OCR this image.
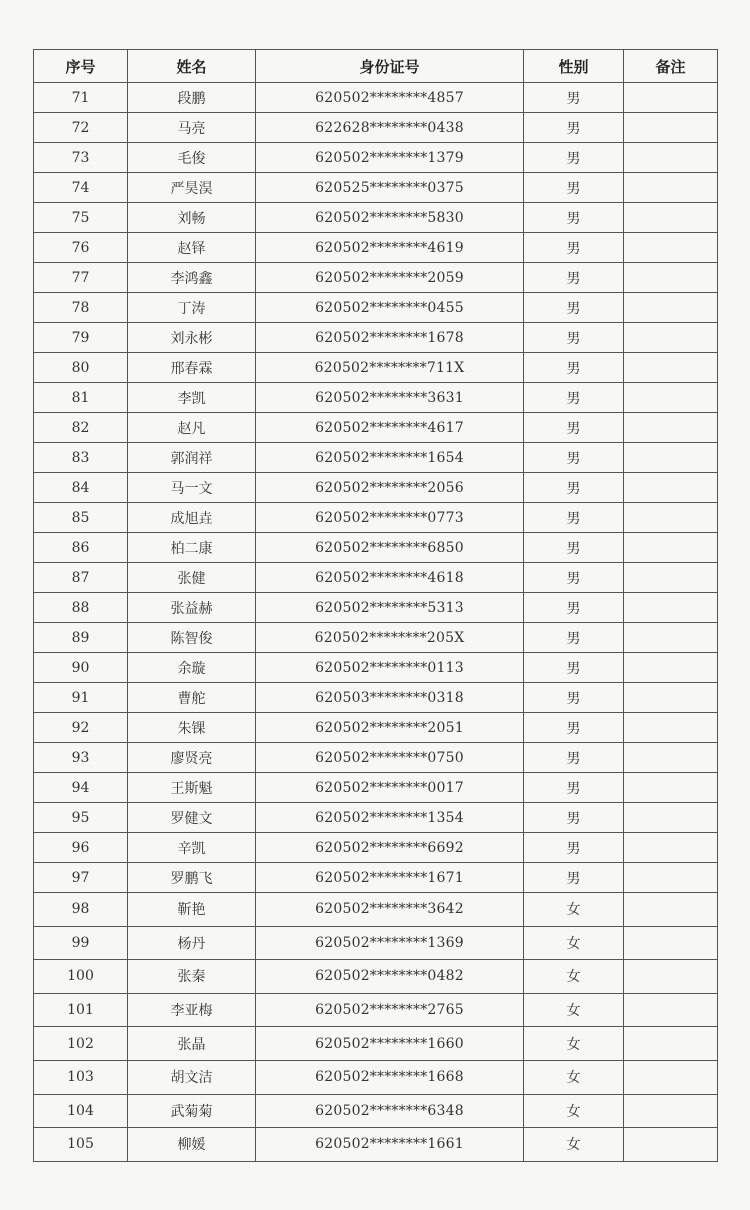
序号	姓名	身份证号	性别	备注
71	段鹏	620502********4857	男	
72	马亮	622628********0438	男	
73	毛俊	620502********1379	男	
74	严昊淏	620525********0375	男	
75	刘畅	620502********5830	男	
76	赵铎	620502********4619	男	
77	李鸿鑫	620502********2059	男	
78	丁涛	620502********0455	男	
79	刘永彬	620502********1678	男	
80	邢春霖	620502********711X	男	
81	李凯	620502********3631	男	
82	赵凡	620502********4617	男	
83	郭润祥	620502********1654	男	
84	马一文	620502********2056	男	
85	成旭垚	620502********0773	男	
86	柏二康	620502********6850	男	
87	张健	620502********4618	男	
88	张益赫	620502********5313	男	
89	陈智俊	620502********205X	男	
90	余璇	620502********0113	男	
91	曹舵	620503********0318	男	
92	朱锞	620502********2051	男	
93	廖贤亮	620502********0750	男	
94	王斯魁	620502********0017	男	
95	罗健文	620502********1354	男	
96	辛凯	620502********6692	男	
97	罗鹏飞	620502********1671	男	
98	靳艳	620502********3642	女	
99	杨丹	620502********1369	女	
100	张秦	620502********0482	女	
101	李亚梅	620502********2765	女	
102	张晶	620502********1660	女	
103	胡文洁	620502********1668	女	
104	武菊菊	620502********6348	女	
105	柳媛	620502********1661	女	
